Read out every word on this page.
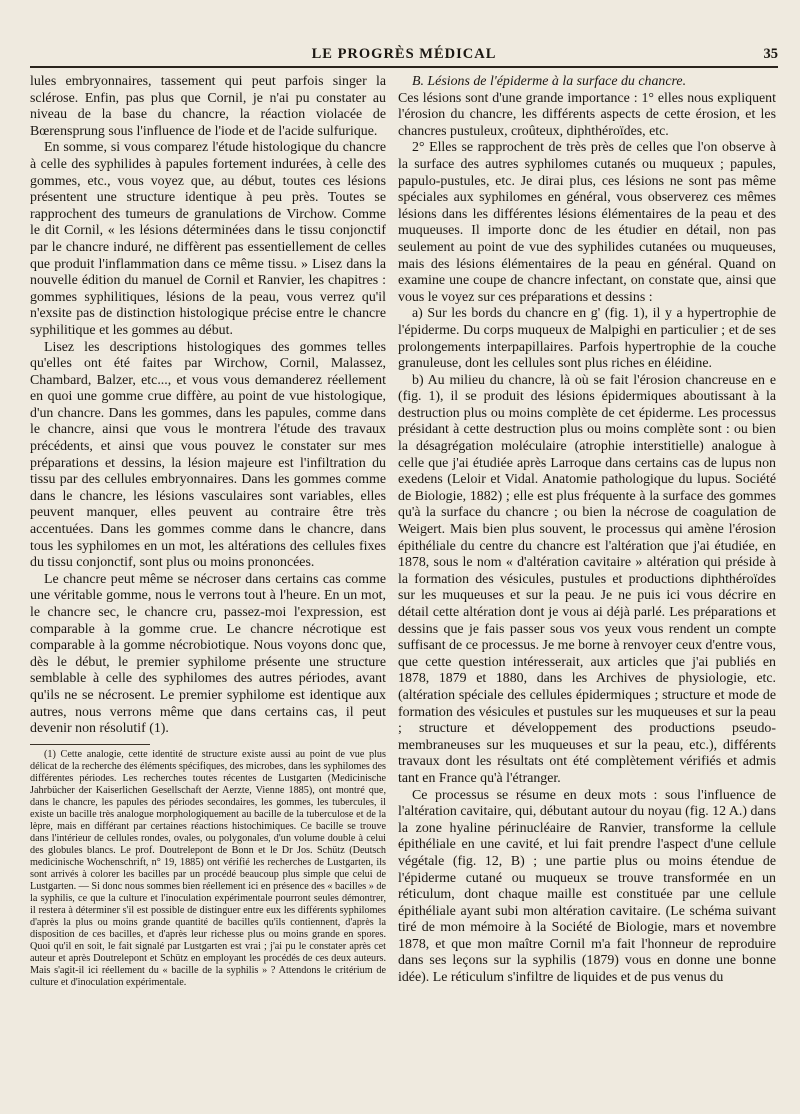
LE PROGRÈS MÉDICAL	35

lules embryonnaires, tassement qui peut parfois singer la sclérose. Enfin, pas plus que Cornil, je n'ai pu constater au niveau de la base du chancre, la réaction violacée de Bœrensprung sous l'influence de l'iode et de l'acide sulfurique.

En somme, si vous comparez l'étude histologique du chancre à celle des syphilides à papules fortement indurées, à celle des gommes, etc., vous voyez que, au début, toutes ces lésions présentent une structure identique à peu près. Toutes se rapprochent des tumeurs de granulations de Virchow. Comme le dit Cornil, « les lésions déterminées dans le tissu conjonctif par le chancre induré, ne diffèrent pas essentiellement de celles que produit l'inflammation dans ce même tissu. » Lisez dans la nouvelle édition du manuel de Cornil et Ranvier, les chapitres : gommes syphilitiques, lésions de la peau, vous verrez qu'il n'exsite pas de distinction histologique précise entre le chancre syphilitique et les gommes au début.

Lisez les descriptions histologiques des gommes telles qu'elles ont été faites par Wirchow, Cornil, Malassez, Chambard, Balzer, etc..., et vous vous demanderez réellement en quoi une gomme crue diffère, au point de vue histologique, d'un chancre. Dans les gommes, dans les papules, comme dans le chancre, ainsi que vous le montrera l'étude des travaux précédents, et ainsi que vous pouvez le constater sur mes préparations et dessins, la lésion majeure est l'infiltration du tissu par des cellules embryonnaires. Dans les gommes comme dans le chancre, les lésions vasculaires sont variables, elles peuvent manquer, elles peuvent au contraire être très accentuées. Dans les gommes comme dans le chancre, dans tous les syphilomes en un mot, les altérations des cellules fixes du tissu conjonctif, sont plus ou moins prononcées.

Le chancre peut même se nécroser dans certains cas comme une véritable gomme, nous le verrons tout à l'heure. En un mot, le chancre sec, le chancre cru, passez-moi l'expression, est comparable à la gomme crue. Le chancre nécrotique est comparable à la gomme nécrobiotique. Nous voyons donc que, dès le début, le premier syphilome présente une structure semblable à celle des syphilomes des autres périodes, avant qu'ils ne se nécrosent. Le premier syphilome est identique aux autres, nous verrons même que dans certains cas, il peut devenir non résolutif (1).

(1) Cette analogie, cette identité de structure existe aussi au point de vue plus délicat de la recherche des éléments spécifiques, des microbes, dans les syphilomes des différentes périodes. Les recherches toutes récentes de Lustgarten (Medicinische Jahrbücher der Kaiserlichen Gesellschaft der Aerzte, Vienne 1885), ont montré que, dans le chancre, les papules des périodes secondaires, les gommes, les tubercules, il existe un bacille très analogue morphologiquement au bacille de la tuberculose et de la lèpre, mais en différant par certaines réactions histochimiques. Ce bacille se trouve dans l'intérieur de cellules rondes, ovales, ou polygonales, d'un volume double à celui des globules blancs. Le prof. Doutrelepont de Bonn et le Dr Jos. Schütz (Deutsch medicinische Wochenschrift, n° 19, 1885) ont vérifié les recherches de Lustgarten, ils sont arrivés à colorer les bacilles par un procédé beaucoup plus simple que celui de Lustgarten. — Si donc nous sommes bien réellement ici en présence des « bacilles » de la syphilis, ce que la culture et l'inoculation expérimentale pourront seules démontrer, il restera à déterminer s'il est possible de distinguer entre eux les différents syphilomes d'après la plus ou moins grande quantité de bacilles qu'ils contiennent, d'après la disposition de ces bacilles, et d'après leur richesse plus ou moins grande en spores. Quoi qu'il en soit, le fait signalé par Lustgarten est vrai ; j'ai pu le constater après cet auteur et après Doutrelepont et Schütz en employant les procédés de ces deux auteurs. Mais s'agit-il ici réellement du « bacille de la syphilis » ? Attendons le critérium de culture et d'inoculation expérimentale.

B. Lésions de l'épiderme à la surface du chancre.

Ces lésions sont d'une grande importance : 1° elles nous expliquent l'érosion du chancre, les différents aspects de cette érosion, et les chancres pustuleux, croûteux, diphthéroïdes, etc.

2° Elles se rapprochent de très près de celles que l'on observe à la surface des autres syphilomes cutanés ou muqueux ; papules, papulo-pustules, etc. Je dirai plus, ces lésions ne sont pas même spéciales aux syphilomes en général, vous observerez ces mêmes lésions dans les différentes lésions élémentaires de la peau et des muqueuses. Il importe donc de les étudier en détail, non pas seulement au point de vue des syphilides cutanées ou muqueuses, mais des lésions élémentaires de la peau en général. Quand on examine une coupe de chancre infectant, on constate que, ainsi que vous le voyez sur ces préparations et dessins :

a) Sur les bords du chancre en g' (fig. 1), il y a hypertrophie de l'épiderme. Du corps muqueux de Malpighi en particulier ; et de ses prolongements interpapillaires. Parfois hypertrophie de la couche granuleuse, dont les cellules sont plus riches en éléidine.

b) Au milieu du chancre, là où se fait l'érosion chancreuse en e (fig. 1), il se produit des lésions épidermiques aboutissant à la destruction plus ou moins complète de cet épiderme. Les processus présidant à cette destruction plus ou moins complète sont : ou bien la désagrégation moléculaire (atrophie interstitielle) analogue à celle que j'ai étudiée après Larroque dans certains cas de lupus non exedens (Leloir et Vidal. Anatomie pathologique du lupus. Société de Biologie, 1882) ; elle est plus fréquente à la surface des gommes qu'à la surface du chancre ; ou bien la nécrose de coagulation de Weigert. Mais bien plus souvent, le processus qui amène l'érosion épithéliale du centre du chancre est l'altération que j'ai étudiée, en 1878, sous le nom « d'altération cavitaire » altération qui préside à la formation des vésicules, pustules et productions diphthéroïdes sur les muqueuses et sur la peau. Je ne puis ici vous décrire en détail cette altération dont je vous ai déjà parlé. Les préparations et dessins que je fais passer sous vos yeux vous rendent un compte suffisant de ce processus. Je me borne à renvoyer ceux d'entre vous, que cette question intéresserait, aux articles que j'ai publiés en 1878, 1879 et 1880, dans les Archives de physiologie, etc. (altération spéciale des cellules épidermiques ; structure et mode de formation des vésicules et pustules sur les muqueuses et sur la peau ; structure et développement des productions pseudo-membraneuses sur les muqueuses et sur la peau, etc.), différents travaux dont les résultats ont été complètement vérifiés et admis tant en France qu'à l'étranger.

Ce processus se résume en deux mots : sous l'influence de l'altération cavitaire, qui, débutant autour du noyau (fig. 12 A.) dans la zone hyaline périnucléaire de Ranvier, transforme la cellule épithéliale en une cavité, et lui fait prendre l'aspect d'une cellule végétale (fig. 12, B) ; une partie plus ou moins étendue de l'épiderme cutané ou muqueux se trouve transformée en un réticulum, dont chaque maille est constituée par une cellule épithéliale ayant subi mon altération cavitaire. (Le schéma suivant tiré de mon mémoire à la Société de Biologie, mars et novembre 1878, et que mon maître Cornil m'a fait l'honneur de reproduire dans ses leçons sur la syphilis (1879) vous en donne une bonne idée). Le réticulum s'infiltre de liquides et de pus venus du
